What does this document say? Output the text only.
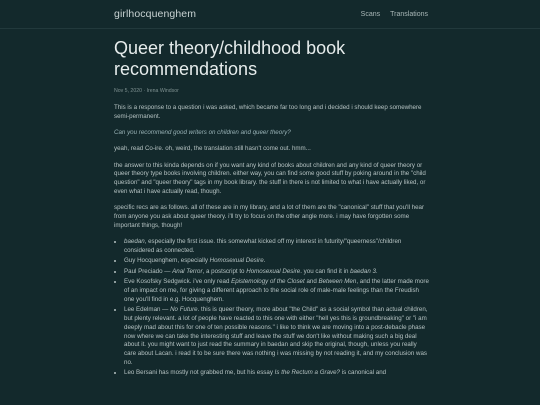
girlhocquenghem	Scans Translations
Queer theory/childhood book
recommendations
Nov 5, 2020 · Irena Windsor

This is a response to a question i was asked, which became far too long and i decided i should keep somewhere semi-permanent.

Can you recommend good writers on children and queer theory?

yeah, read Co-ire. oh, weird, the translation still hasn't come out. hmm...

the answer to this kinda depends on if you want any kind of books about children and any kind of queer theory or queer theory type books involving children. either way, you can find some good stuff by poking around in the "child question" and "queer theory" tags in my book library. the stuff in there is not limited to what i have actually liked, or even what i have actually read, though.

specific recs are as follows. all of these are in my library, and a lot of them are the "canonical" stuff that you'll hear from anyone you ask about queer theory. i'll try to focus on the other angle more. i may have forgotten some important things, though!

• baedan, especially the first issue. this somewhat kicked off my interest in futurity/"queerness"/children considered as connected.
• Guy Hocquenghem, especially Homosexual Desire.
• Paul Preciado — Anal Terror, a postscript to Homosexual Desire. you can find it in baedan 3.
• Eve Kosofsky Sedgwick. i've only read Epistemology of the Closet and Between Men, and the latter made more of an impact on me, for giving a different approach to the social role of male-male feelings than the Freudish one you'll find in e.g. Hocquenghem.
• Lee Edelman — No Future. this is queer theory, more about "the Child" as a social symbol than actual children, but plenty relevant. a lot of people have reacted to this one with either "hell yes this is groundbreaking" or "i am deeply mad about this for one of ten possible reasons." i like to think we are moving into a post-debacle phase now where we can take the interesting stuff and leave the stuff we don't like without making such a big deal about it. you might want to just read the summary in baedan and skip the original, though, unless you really care about Lacan. i read it to be sure there was nothing i was missing by not reading it, and my conclusion was no.
• Leo Bersani has mostly not grabbed me, but his essay Is the Rectum a Grave? is canonical and
